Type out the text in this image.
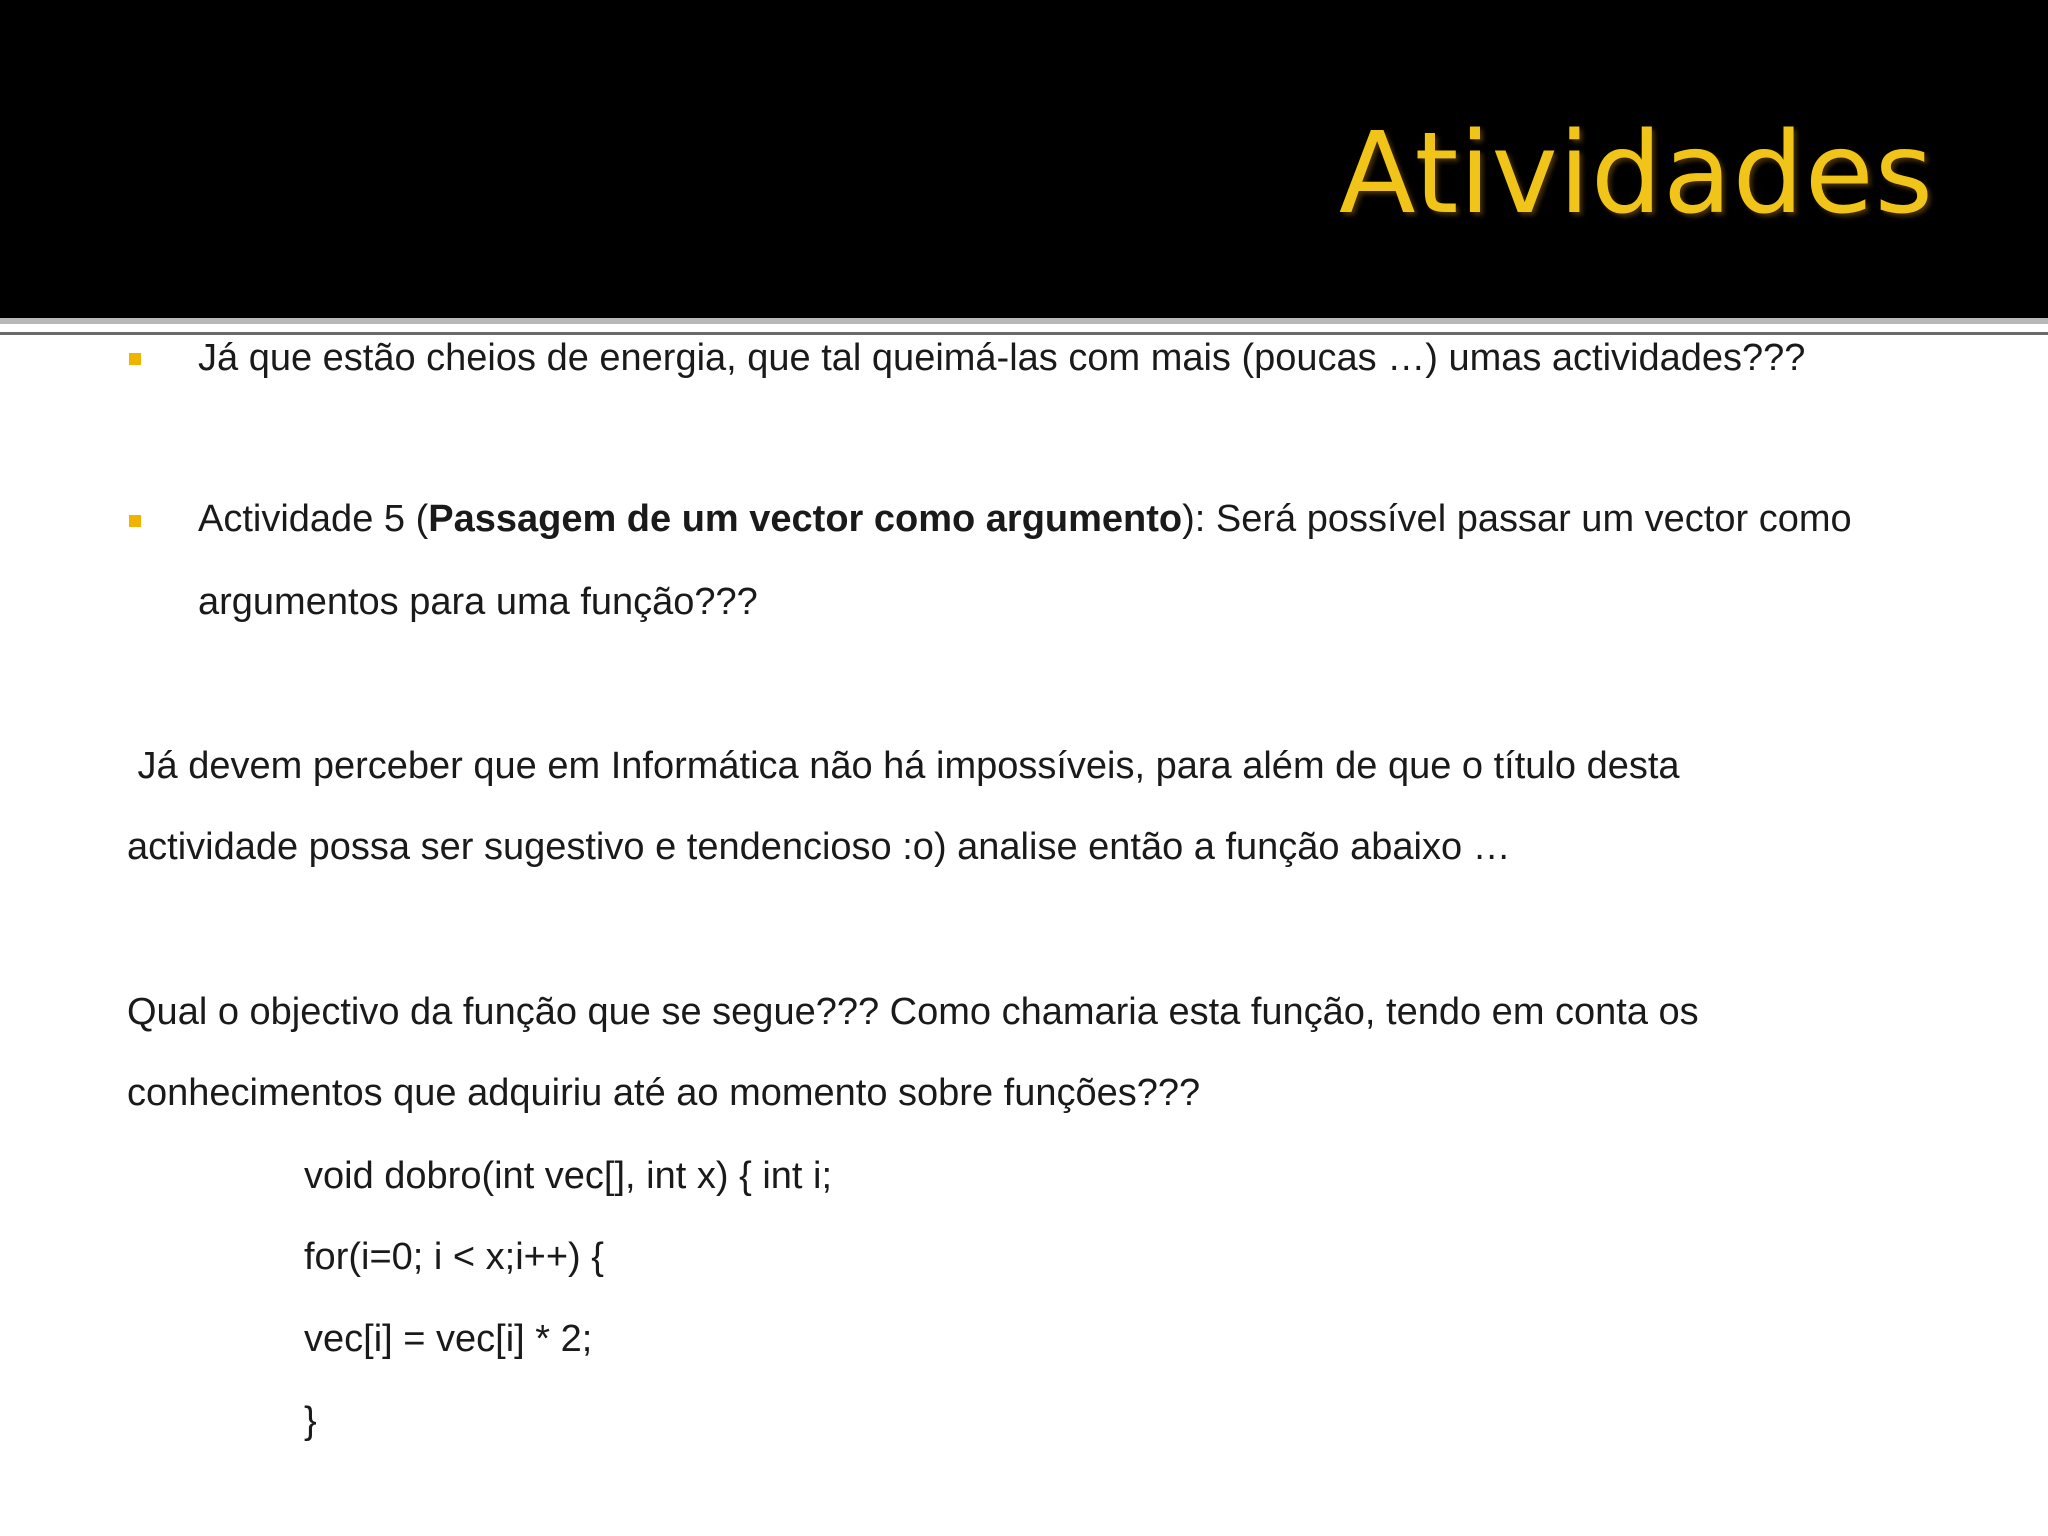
Atividades

Já que estão cheios de energia, que tal queimá-las com mais (poucas …) umas actividades???

Actividade 5 (Passagem de um vector como argumento): Será possível passar um vector como

argumentos para uma função???

Já devem perceber que em Informática não há impossíveis, para além de que o título desta

actividade possa ser sugestivo e tendencioso :o) analise então a função abaixo …

Qual o objectivo da função que se segue??? Como chamaria esta função, tendo em conta os

conhecimentos que adquiriu até ao momento sobre funções???

void dobro(int vec[], int x) { int i;

for(i=0; i < x;i++) {

vec[i] = vec[i] * 2;

}
